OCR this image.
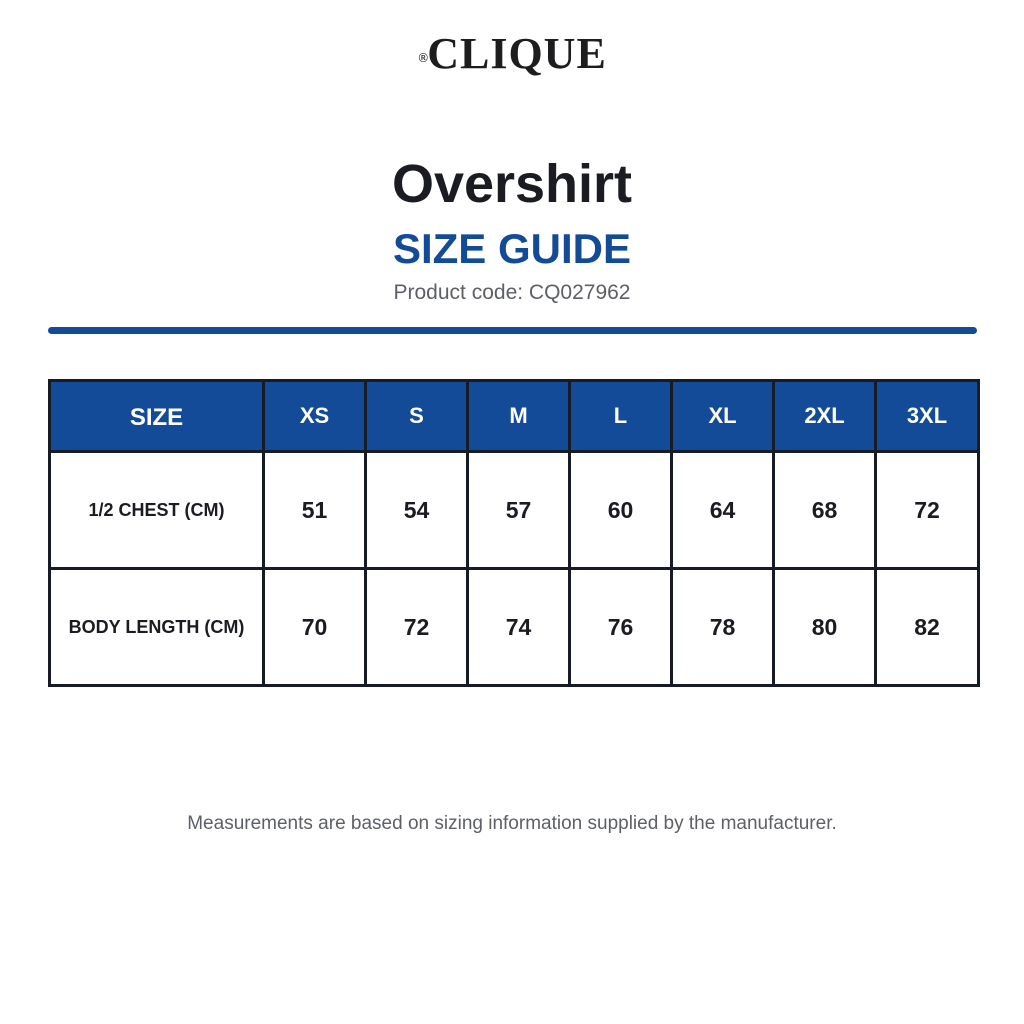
®CLIQUE
Overshirt
SIZE GUIDE
Product code: CQ027962
SIZE	XS	S	M	L	XL	2XL	3XL
1/2 CHEST (CM)	51	54	57	60	64	68	72
BODY LENGTH (CM)	70	72	74	76	78	80	82
Measurements are based on sizing information supplied by the manufacturer.
